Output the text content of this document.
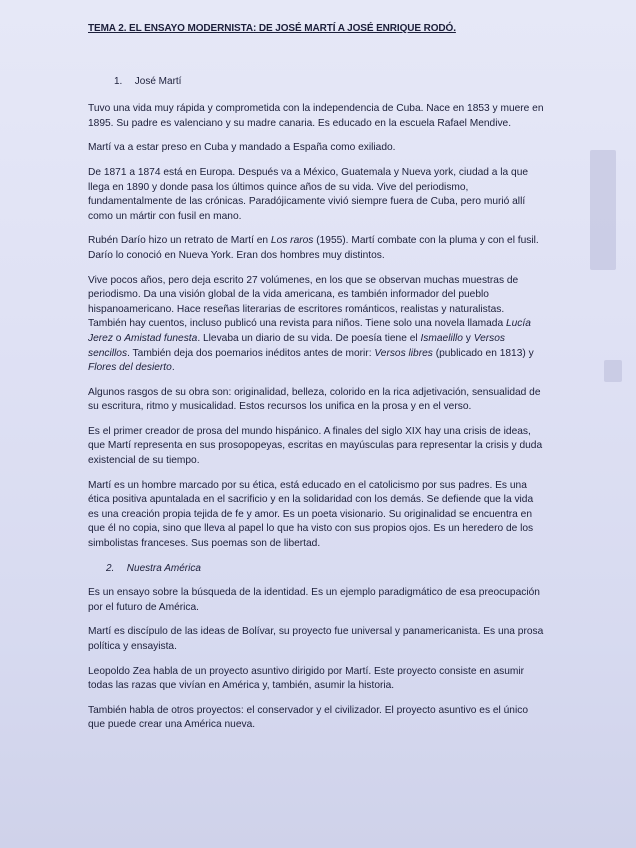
TEMA 2. EL ENSAYO MODERNISTA: DE JOSÉ MARTÍ A JOSÉ ENRIQUE RODÓ.
1. José Martí

Tuvo una vida muy rápida y comprometida con la independencia de Cuba. Nace en 1853 y muere en 1895. Su padre es valenciano y su madre canaria. Es educado en la escuela Rafael Mendive.

Martí va a estar preso en Cuba y mandado a España como exiliado.

De 1871 a 1874 está en Europa. Después va a México, Guatemala y Nueva york, ciudad a la que llega en 1890 y donde pasa los últimos quince años de su vida. Vive del periodismo, fundamentalmente de las crónicas. Paradójicamente vivió siempre fuera de Cuba, pero murió allí como un mártir con fusil en mano.

Rubén Darío hizo un retrato de Martí en Los raros (1955). Martí combate con la pluma y con el fusil. Darío lo conoció en Nueva York. Eran dos hombres muy distintos.

Vive pocos años, pero deja escrito 27 volúmenes, en los que se observan muchas muestras de periodismo. Da una visión global de la vida americana, es también informador del pueblo hispanoamericano. Hace reseñas literarias de escritores románticos, realistas y naturalistas. También hay cuentos, incluso publicó una revista para niños. Tiene solo una novela llamada Lucía Jerez o Amistad funesta. Llevaba un diario de su vida. De poesía tiene el Ismaelillo y Versos sencillos. También deja dos poemarios inéditos antes de morir: Versos libres (publicado en 1813) y Flores del desierto.

Algunos rasgos de su obra son: originalidad, belleza, colorido en la rica adjetivación, sensualidad de su escritura, ritmo y musicalidad. Estos recursos los unifica en la prosa y en el verso.

Es el primer creador de prosa del mundo hispánico. A finales del siglo XIX hay una crisis de ideas, que Martí representa en sus prosopopeyas, escritas en mayúsculas para representar la crisis y duda existencial de su tiempo.

Martí es un hombre marcado por su ética, está educado en el catolicismo por sus padres. Es una ética positiva apuntalada en el sacrificio y en la solidaridad con los demás. Se defiende que la vida es una creación propia tejida de fe y amor. Es un poeta visionario. Su originalidad se encuentra en que él no copia, sino que lleva al papel lo que ha visto con sus propios ojos. Es un heredero de los simbolistas franceses. Sus poemas son de libertad.

2. Nuestra América

Es un ensayo sobre la búsqueda de la identidad. Es un ejemplo paradigmático de esa preocupación por el futuro de América.

Martí es discípulo de las ideas de Bolívar, su proyecto fue universal y panamericanista. Es una prosa política y ensayista.

Leopoldo Zea habla de un proyecto asuntivo dirigido por Martí. Este proyecto consiste en asumir todas las razas que vivían en América y, también, asumir la historia.

También habla de otros proyectos: el conservador y el civilizador. El proyecto asuntivo es el único que puede crear una América nueva.
